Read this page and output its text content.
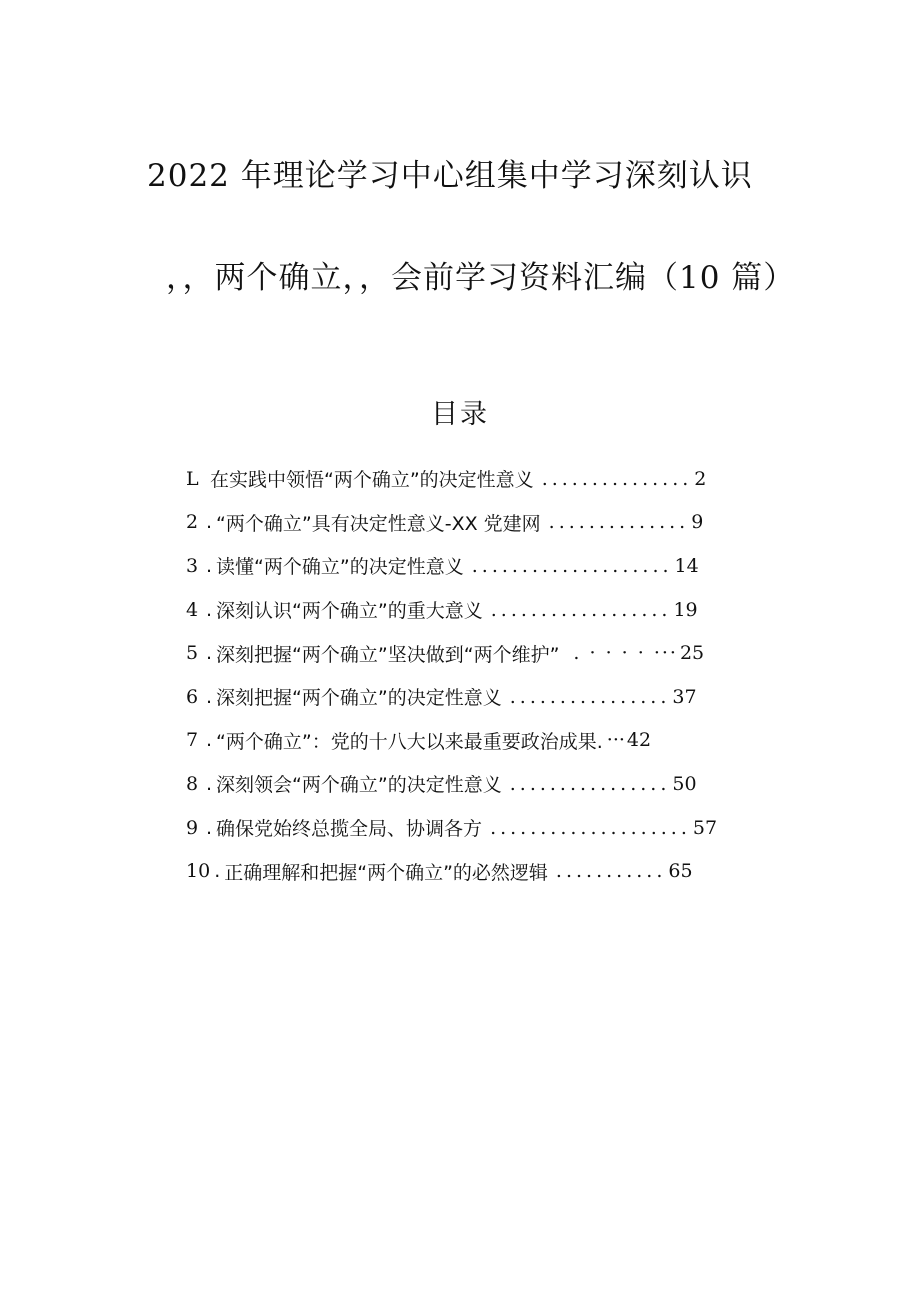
2022 年理论学习中心组集中学习深刻认识
，，两个确立，，会前学习资料汇编（10 篇）
目录
L 在实践中领悟“两个确立”的决定性意义 ............... 2
2 . “两个确立”具有决定性意义-XX 党建网 .............. 9
3 . 读懂“两个确立”的决定性意义 .................... 14
4 . 深刻认识“两个确立”的重大意义 .................. 19
5 . 深刻把握“两个确立”坚决做到“两个维护” . · · · · ··· 25
6 . 深刻把握“两个确立”的决定性意义 ................ 37
7 . “两个确立”：党的十八大以来最重要政治成果. ··· 42
8 . 深刻领会“两个确立”的决定性意义 ................ 50
9 . 确保党始终总揽全局、协调各方 .................... 57
10 . 正确理解和把握“两个确立”的必然逻辑 ........... 65
